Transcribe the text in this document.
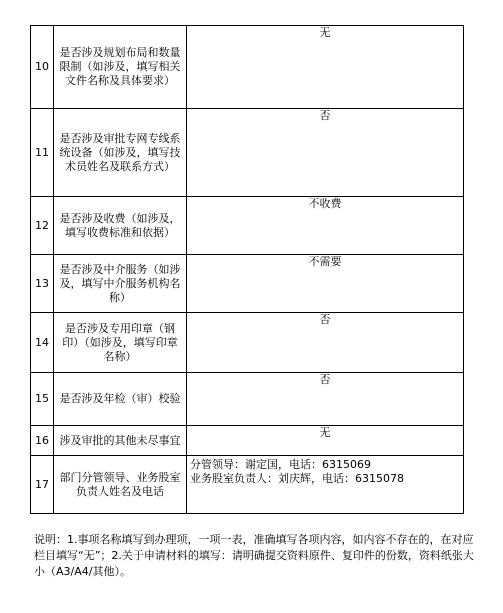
10	是否涉及规划布局和数量限制（如涉及，填写相关文件名称及具体要求）	无
11	是否涉及审批专网专线系统设备（如涉及，填写技术员姓名及联系方式）	否
12	是否涉及收费（如涉及，填写收费标准和依据）	不收费
13	是否涉及中介服务（如涉及，填写中介服务机构名称）	不需要
14	是否涉及专用印章（钢印）（如涉及，填写印章名称）	否
15	是否涉及年检（审）校验	否
16	涉及审批的其他未尽事宜	无
17	部门分管领导、业务股室负责人姓名及电话	分管领导：谢定国，电话：6315069
业务股室负责人：刘庆辉，电话：6315078
说明：1.事项名称填写到办理项，一项一表，准确填写各项内容，如内容不存在的，在对应栏目填写“无”；2.关于申请材料的填写：请明确提交资料原件、复印件的份数，资料纸张大小（A3/A4/其他）。
